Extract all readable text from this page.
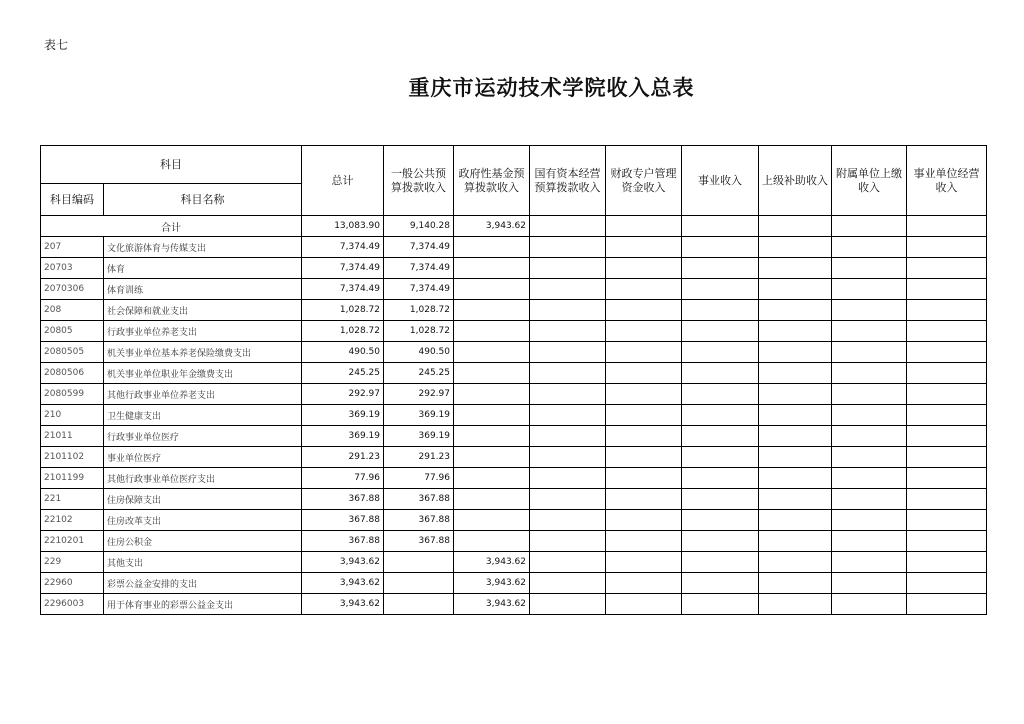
表七
重庆市运动技术学院收入总表
科目		总计	一般公共预算拨款收入	政府性基金预算拨款收入	国有资本经营预算拨款收入	财政专户管理资金收入	事业收入	上级补助收入	附属单位上缴收入	事业单位经营收入
科目编码	科目名称									
合计		13,083.90	9,140.28	3,943.62						
207	文化旅游体育与传媒支出	7,374.49	7,374.49							
20703	体育	7,374.49	7,374.49							
2070306	体育训练	7,374.49	7,374.49							
208	社会保障和就业支出	1,028.72	1,028.72							
20805	行政事业单位养老支出	1,028.72	1,028.72							
2080505	机关事业单位基本养老保险缴费支出	490.50	490.50							
2080506	机关事业单位职业年金缴费支出	245.25	245.25							
2080599	其他行政事业单位养老支出	292.97	292.97							
210	卫生健康支出	369.19	369.19							
21011	行政事业单位医疗	369.19	369.19							
2101102	事业单位医疗	291.23	291.23							
2101199	其他行政事业单位医疗支出	77.96	77.96							
221	住房保障支出	367.88	367.88							
22102	住房改革支出	367.88	367.88							
2210201	住房公积金	367.88	367.88							
229	其他支出	3,943.62		3,943.62						
22960	彩票公益金安排的支出	3,943.62		3,943.62						
2296003	用于体育事业的彩票公益金支出	3,943.62		3,943.62						
